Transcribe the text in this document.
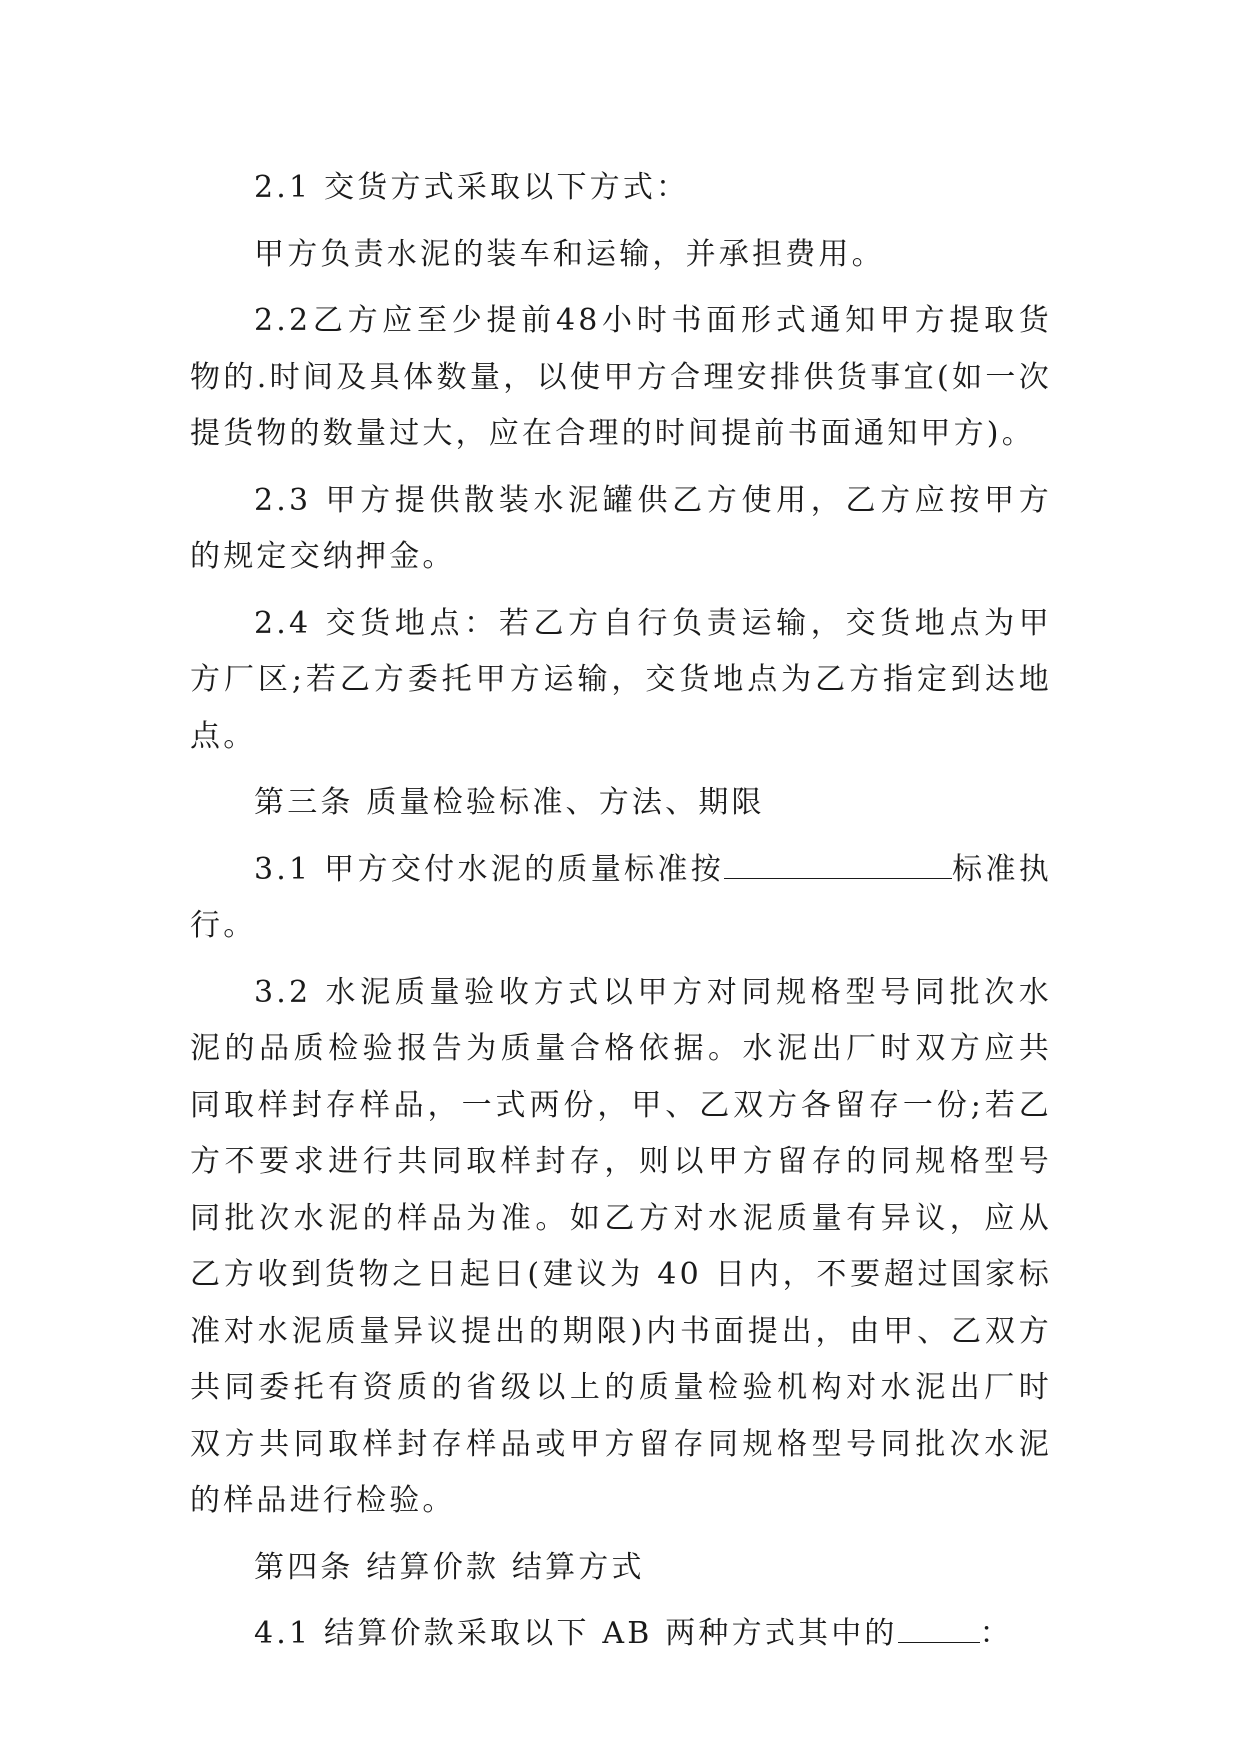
2.1 交货方式采取以下方式：

甲方负责水泥的装车和运输，并承担费用。

2.2乙方应至少提前48小时书面形式通知甲方提取货物的.时间及具体数量，以使甲方合理安排供货事宜(如一次提货物的数量过大，应在合理的时间提前书面通知甲方)。

2.3 甲方提供散装水泥罐供乙方使用，乙方应按甲方的规定交纳押金。

2.4 交货地点：若乙方自行负责运输，交货地点为甲方厂区;若乙方委托甲方运输，交货地点为乙方指定到达地点。

第三条 质量检验标准、方法、期限

3.1 甲方交付水泥的质量标准按	标准执行。

3.2 水泥质量验收方式以甲方对同规格型号同批次水泥的品质检验报告为质量合格依据。水泥出厂时双方应共同取样封存样品，一式两份，甲、乙双方各留存一份;若乙方不要求进行共同取样封存，则以甲方留存的同规格型号同批次水泥的样品为准。如乙方对水泥质量有异议，应从乙方收到货物之日起日(建议为 40 日内，不要超过国家标准对水泥质量异议提出的期限)内书面提出，由甲、乙双方共同委托有资质的省级以上的质量检验机构对水泥出厂时双方共同取样封存样品或甲方留存同规格型号同批次水泥的样品进行检验。

第四条 结算价款 结算方式

4.1 结算价款采取以下 AB 两种方式其中的	：
